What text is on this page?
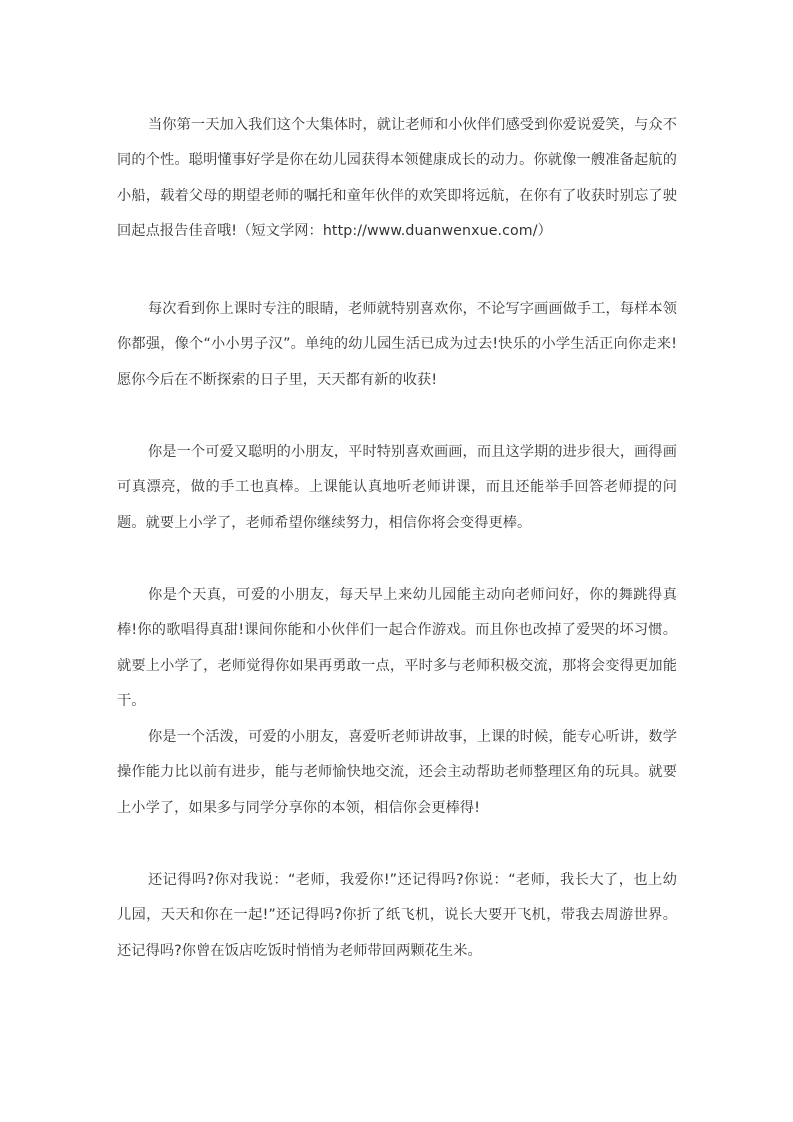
当你第一天加入我们这个大集体时，就让老师和小伙伴们感受到你爱说爱笑，与众不同的个性。聪明懂事好学是你在幼儿园获得本领健康成长的动力。你就像一艘准备起航的小船，载着父母的期望老师的嘱托和童年伙伴的欢笑即将远航，在你有了收获时别忘了驶回起点报告佳音哦!（短文学网：http://www.duanwenxue.com/）

每次看到你上课时专注的眼睛，老师就特别喜欢你，不论写字画画做手工，每样本领你都强，像个“小小男子汉”。单纯的幼儿园生活已成为过去!快乐的小学生活正向你走来!愿你今后在不断探索的日子里，天天都有新的收获!

你是一个可爱又聪明的小朋友，平时特别喜欢画画，而且这学期的进步很大，画得画可真漂亮，做的手工也真棒。上课能认真地听老师讲课，而且还能举手回答老师提的问题。就要上小学了，老师希望你继续努力，相信你将会变得更棒。

你是个天真，可爱的小朋友，每天早上来幼儿园能主动向老师问好，你的舞跳得真棒!你的歌唱得真甜!课间你能和小伙伴们一起合作游戏。而且你也改掉了爱哭的坏习惯。就要上小学了，老师觉得你如果再勇敢一点，平时多与老师积极交流，那将会变得更加能干。

你是一个活泼，可爱的小朋友，喜爱听老师讲故事，上课的时候，能专心听讲，数学操作能力比以前有进步，能与老师愉快地交流，还会主动帮助老师整理区角的玩具。就要上小学了，如果多与同学分享你的本领，相信你会更棒得!

还记得吗?你对我说：“老师，我爱你!”还记得吗?你说：“老师，我长大了，也上幼儿园，天天和你在一起!”还记得吗?你折了纸飞机，说长大要开飞机，带我去周游世界。还记得吗?你曾在饭店吃饭时悄悄为老师带回两颗花生米。
